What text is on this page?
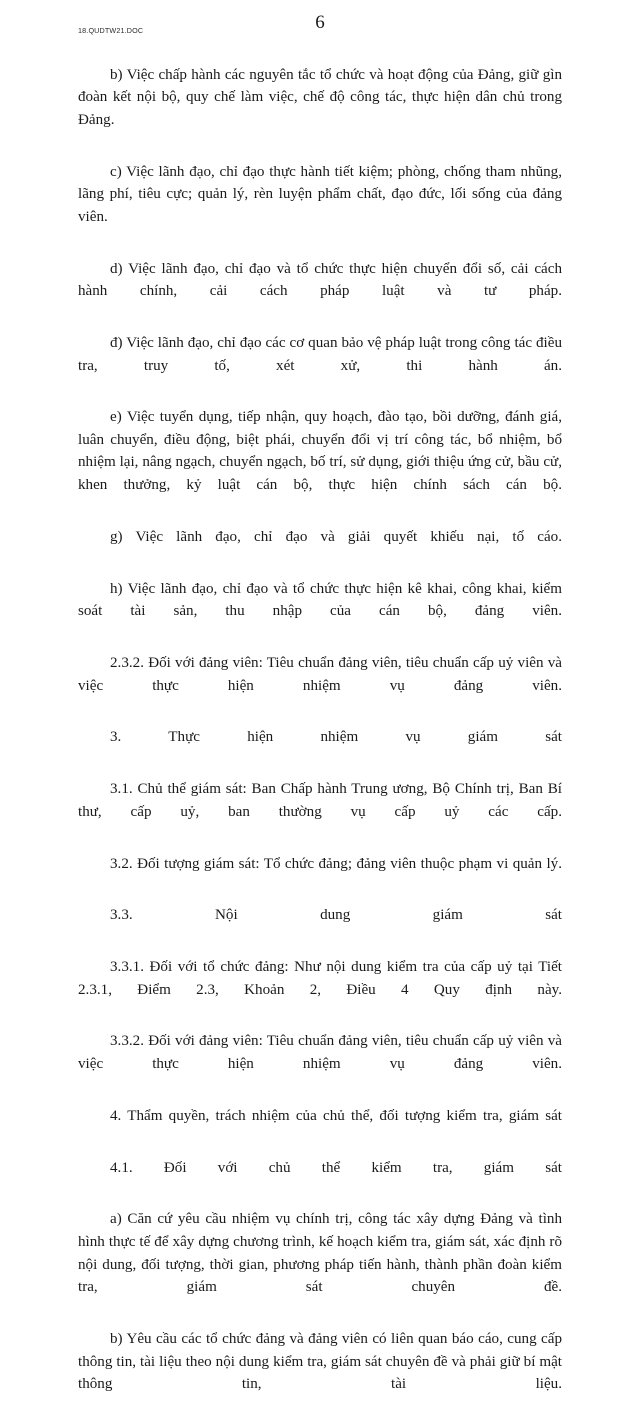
18.QUDTW21.DOC	6

b) Việc chấp hành các nguyên tắc tổ chức và hoạt động của Đảng, giữ gìn đoàn kết nội bộ, quy chế làm việc, chế độ công tác, thực hiện dân chủ trong Đảng.

c) Việc lãnh đạo, chỉ đạo thực hành tiết kiệm; phòng, chống tham nhũng, lãng phí, tiêu cực; quản lý, rèn luyện phẩm chất, đạo đức, lối sống của đảng viên.

d) Việc lãnh đạo, chỉ đạo và tổ chức thực hiện chuyển đổi số, cải cách hành chính, cải cách pháp luật và tư pháp.

đ) Việc lãnh đạo, chỉ đạo các cơ quan bảo vệ pháp luật trong công tác điều tra, truy tố, xét xử, thi hành án.

e) Việc tuyển dụng, tiếp nhận, quy hoạch, đào tạo, bồi dưỡng, đánh giá, luân chuyển, điều động, biệt phái, chuyển đổi vị trí công tác, bổ nhiệm, bổ nhiệm lại, nâng ngạch, chuyển ngạch, bố trí, sử dụng, giới thiệu ứng cử, bầu cử, khen thưởng, kỷ luật cán bộ, thực hiện chính sách cán bộ.

g) Việc lãnh đạo, chỉ đạo và giải quyết khiếu nại, tố cáo.

h) Việc lãnh đạo, chỉ đạo và tổ chức thực hiện kê khai, công khai, kiểm soát tài sản, thu nhập của cán bộ, đảng viên.

2.3.2. Đối với đảng viên: Tiêu chuẩn đảng viên, tiêu chuẩn cấp uỷ viên và việc thực hiện nhiệm vụ đảng viên.

3. Thực hiện nhiệm vụ giám sát

3.1. Chủ thể giám sát: Ban Chấp hành Trung ương, Bộ Chính trị, Ban Bí thư, cấp uỷ, ban thường vụ cấp uỷ các cấp.

3.2. Đối tượng giám sát: Tổ chức đảng; đảng viên thuộc phạm vi quản lý.

3.3. Nội dung giám sát

3.3.1. Đối với tổ chức đảng: Như nội dung kiểm tra của cấp uỷ tại Tiết 2.3.1, Điểm 2.3, Khoản 2, Điều 4 Quy định này.

3.3.2. Đối với đảng viên: Tiêu chuẩn đảng viên, tiêu chuẩn cấp uỷ viên và việc thực hiện nhiệm vụ đảng viên.

4. Thẩm quyền, trách nhiệm của chủ thể, đối tượng kiểm tra, giám sát

4.1. Đối với chủ thể kiểm tra, giám sát

a) Căn cứ yêu cầu nhiệm vụ chính trị, công tác xây dựng Đảng và tình hình thực tế để xây dựng chương trình, kế hoạch kiểm tra, giám sát, xác định rõ nội dung, đối tượng, thời gian, phương pháp tiến hành, thành phần đoàn kiểm tra, giám sát chuyên đề.

b) Yêu cầu các tổ chức đảng và đảng viên có liên quan báo cáo, cung cấp thông tin, tài liệu theo nội dung kiểm tra, giám sát chuyên đề và phải giữ bí mật thông tin, tài liệu.
